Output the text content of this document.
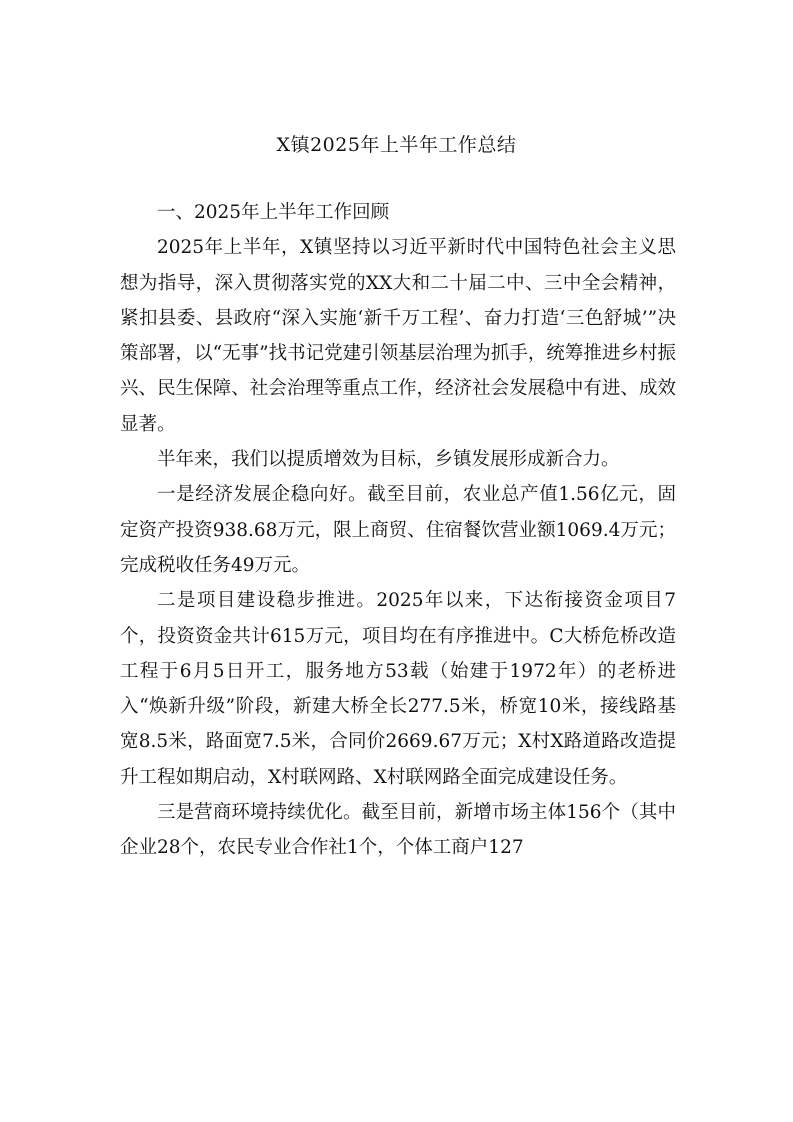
X镇2025年上半年工作总结

一、2025年上半年工作回顾

2025年上半年，X镇坚持以习近平新时代中国特色社会主义思想为指导，深入贯彻落实党的XX大和二十届二中、三中全会精神，紧扣县委、县政府“深入实施‘新千万工程’、奋力打造‘三色舒城’”决策部署，以“无事”找书记党建引领基层治理为抓手，统筹推进乡村振兴、民生保障、社会治理等重点工作，经济社会发展稳中有进、成效显著。

半年来，我们以提质增效为目标，乡镇发展形成新合力。

一是经济发展企稳向好。截至目前，农业总产值1.56亿元，固定资产投资938.68万元，限上商贸、住宿餐饮营业额1069.4万元；完成税收任务49万元。

二是项目建设稳步推进。2025年以来，下达衔接资金项目7个，投资资金共计615万元，项目均在有序推进中。C大桥危桥改造工程于6月5日开工，服务地方53载（始建于1972年）的老桥进入“焕新升级”阶段，新建大桥全长277.5米，桥宽10米，接线路基宽8.5米，路面宽7.5米，合同价2669.67万元；X村X路道路改造提升工程如期启动，X村联网路、X村联网路全面完成建设任务。

三是营商环境持续优化。截至目前，新增市场主体156个（其中企业28个，农民专业合作社1个，个体工商户127
